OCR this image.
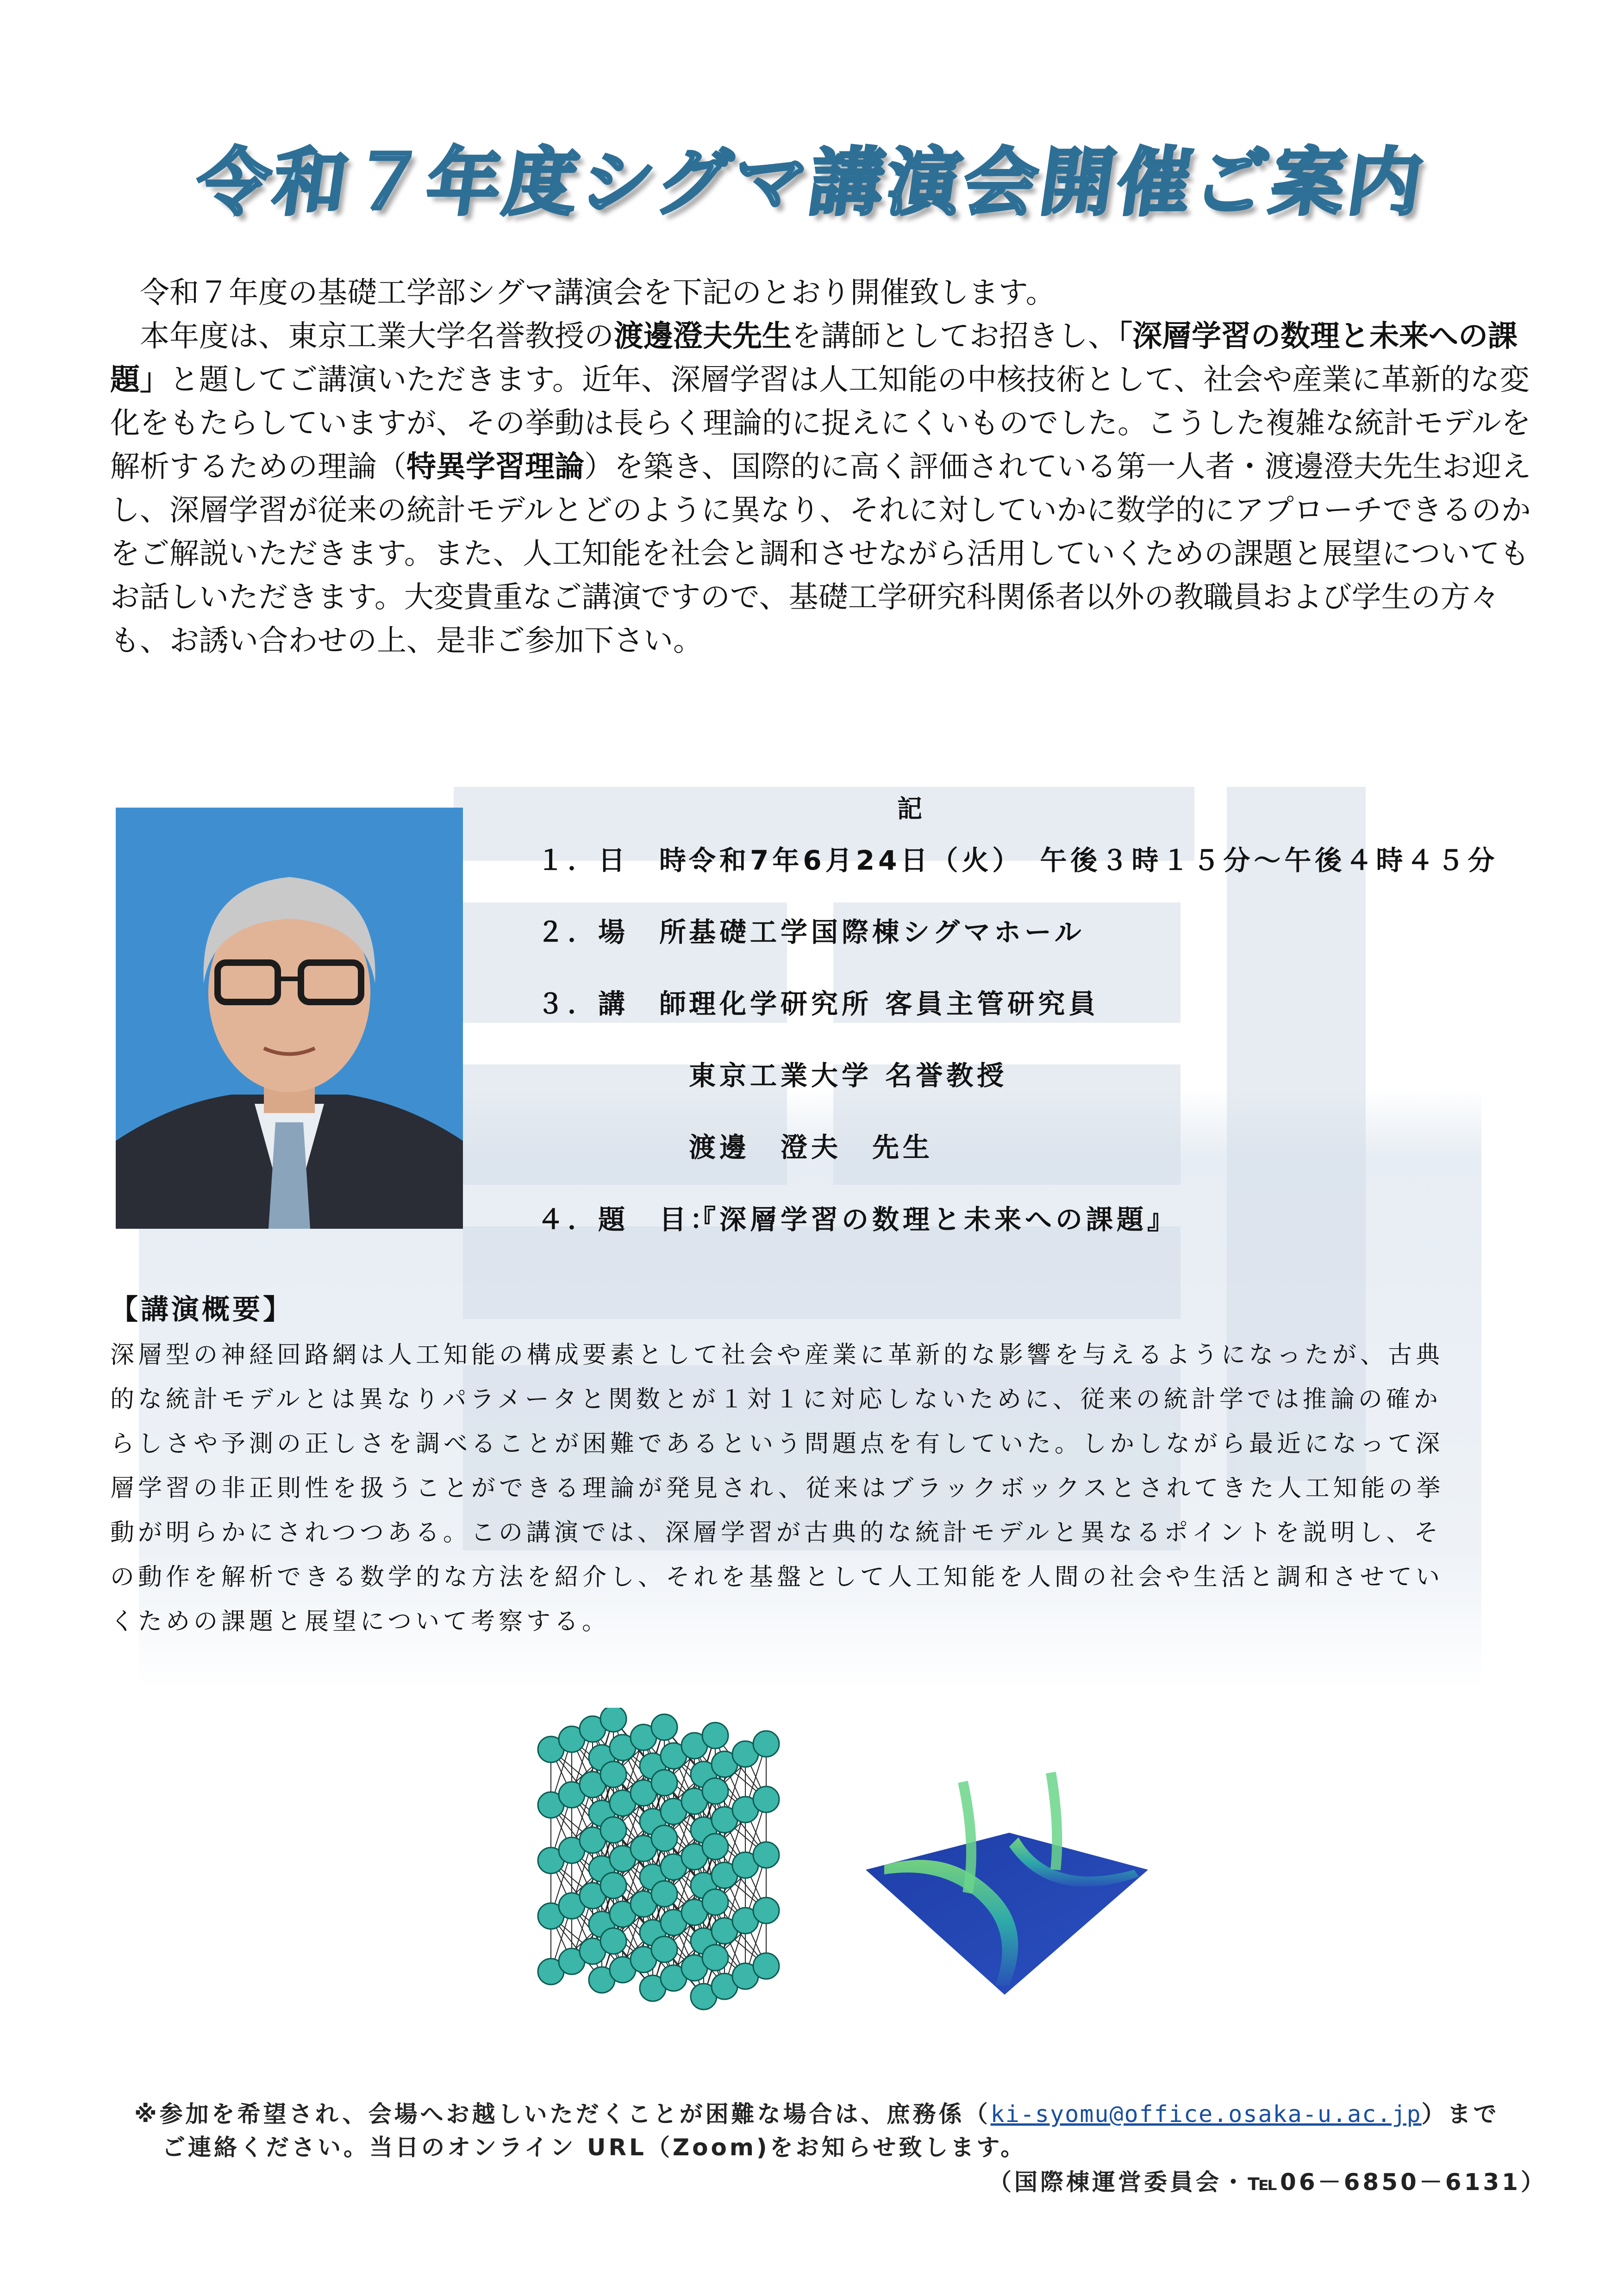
令和７年度シグマ講演会開催ご案内

令和７年度の基礎工学部シグマ講演会を下記のとおり開催致します。

本年度は、東京工業大学名誉教授の渡邊澄夫先生を講師としてお招きし、「深層学習の数理と未来への課題」と題してご講演いただきます。近年、深層学習は人工知能の中核技術として、社会や産業に革新的な変化をもたらしていますが、その挙動は長らく理論的に捉えにくいものでした。こうした複雑な統計モデルを解析するための理論（特異学習理論）を築き、国際的に高く評価されている第一人者・渡邊澄夫先生お迎えし、深層学習が従来の統計モデルとどのように異なり、それに対していかに数学的にアプローチできるのかをご解説いただきます。また、人工知能を社会と調和させながら活用していくための課題と展望についてもお話しいただきます。大変貴重なご講演ですので、基礎工学研究科関係者以外の教職員および学生の方々も、お誘い合わせの上、是非ご参加下さい。

記
１．日　時：令和7年6月24日（火）　午後３時１５分～午後４時４５分
２．場　所：基礎工学国際棟シグマホール
３．講　師：理化学研究所 客員主管研究員
東京工業大学 名誉教授
渡邊　澄夫　先生
４．題　目：『深層学習の数理と未来への課題』
【講演概要】
深層型の神経回路網は人工知能の構成要素として社会や産業に革新的な影響を与えるようになったが、古典的な統計モデルとは異なりパラメータと関数とが１対１に対応しないために、従来の統計学では推論の確からしさや予測の正しさを調べることが困難であるという問題点を有していた。しかしながら最近になって深層学習の非正則性を扱うことができる理論が発見され、従来はブラックボックスとされてきた人工知能の挙動が明らかにされつつある。この講演では、深層学習が古典的な統計モデルと異なるポイントを説明し、その動作を解析できる数学的な方法を紹介し、それを基盤として人工知能を人間の社会や生活と調和させていくための課題と展望について考察する。
※参加を希望され、会場へお越しいただくことが困難な場合は、庶務係（ki-syomu@office.osaka-u.ac.jp）まで
ご連絡ください。当日のオンライン URL（Zoom)をお知らせ致します。
（国際棟運営委員会・℡06－6850－6131）
